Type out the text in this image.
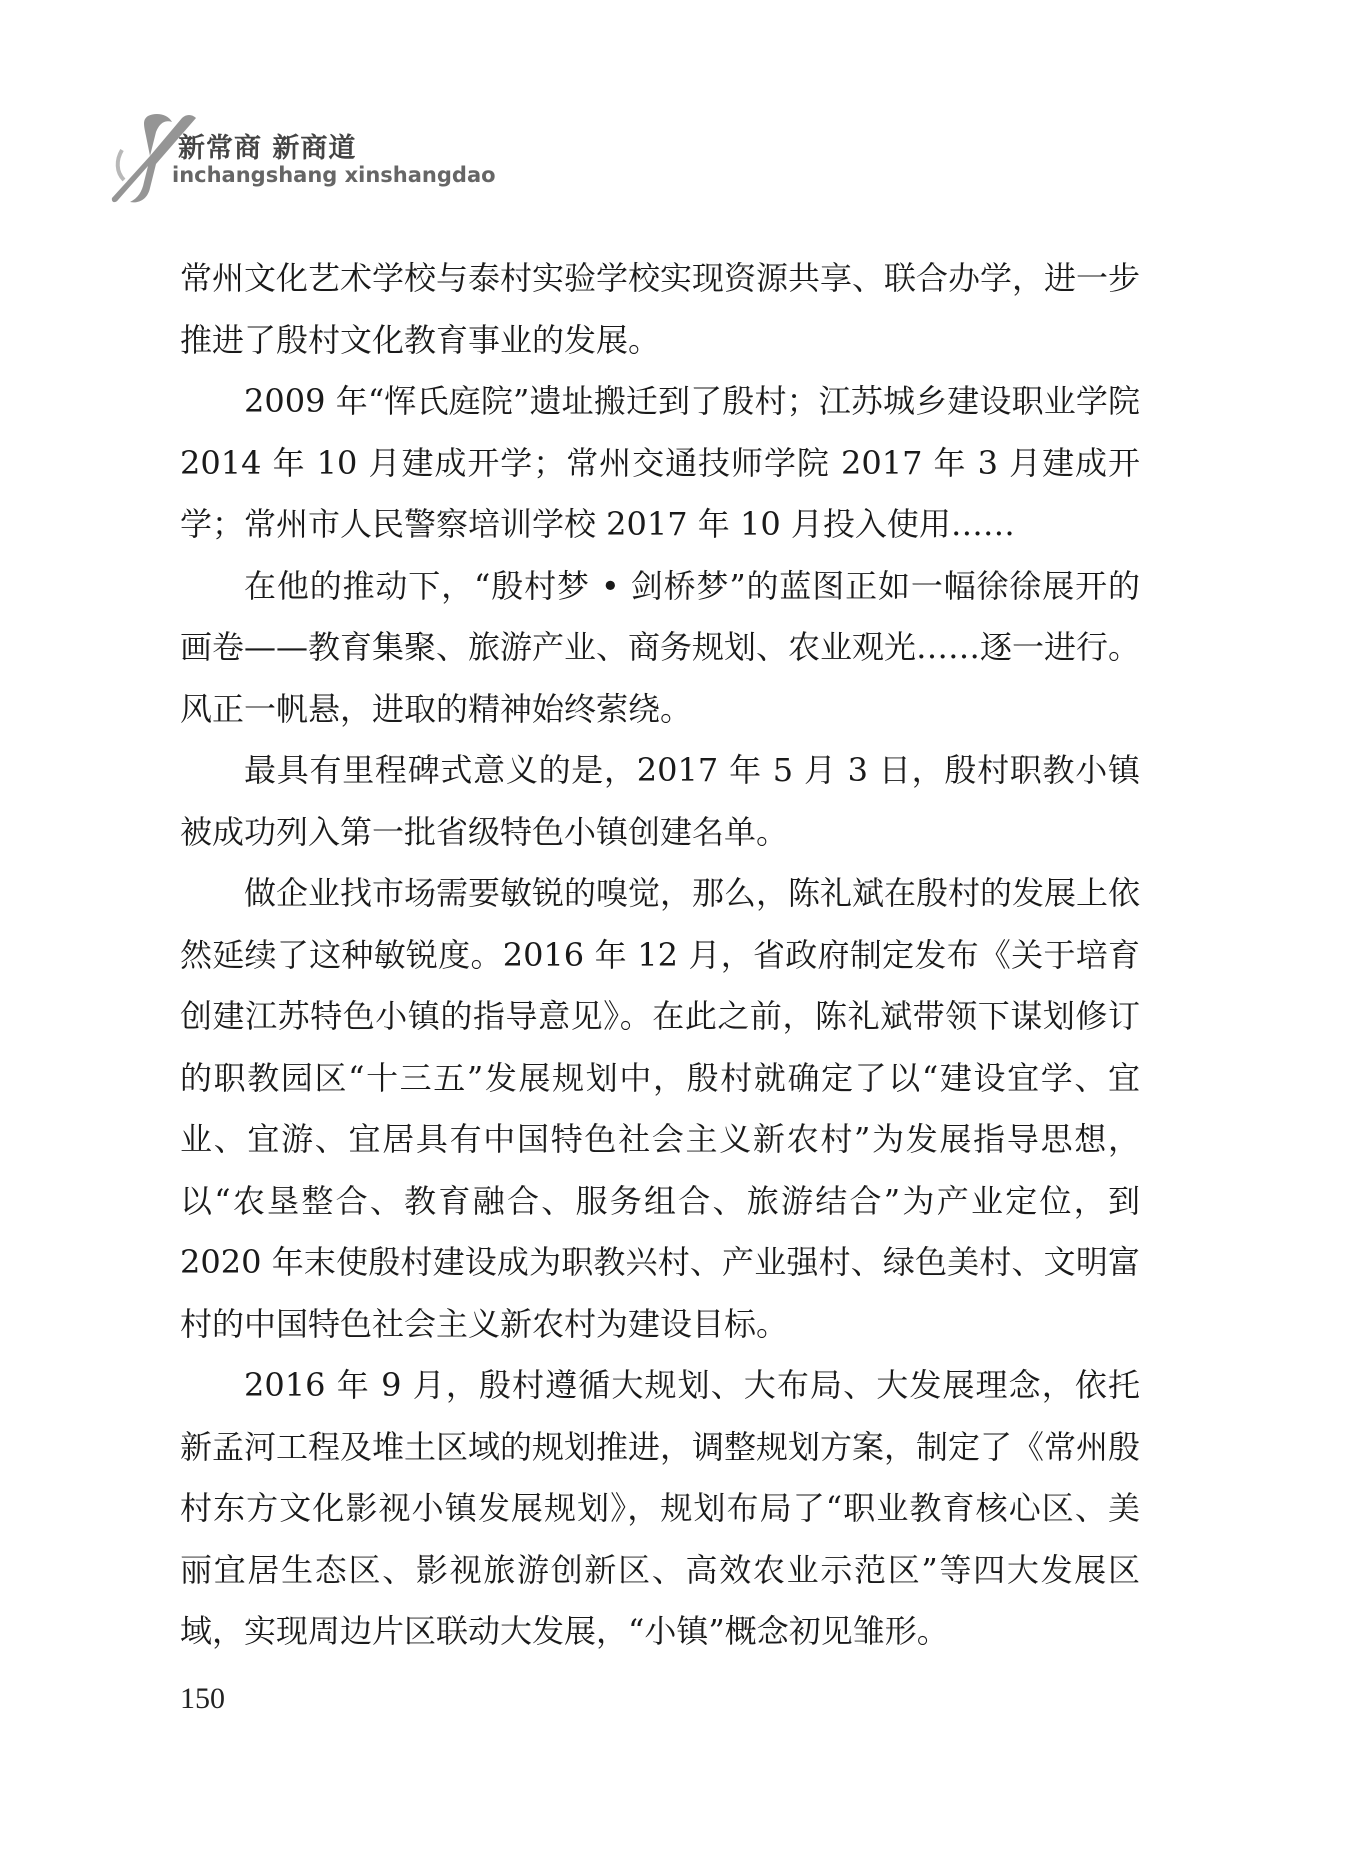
新常商 新商道
inchangshang xinshangdao

常州文化艺术学校与泰村实验学校实现资源共享、联合办学，进一步推进了殷村文化教育事业的发展。

2009 年“恽氏庭院”遗址搬迁到了殷村；江苏城乡建设职业学院 2014 年 10 月建成开学；常州交通技师学院 2017 年 3 月建成开学；常州市人民警察培训学校 2017 年 10 月投入使用……

在他的推动下，“殷村梦 • 剑桥梦”的蓝图正如一幅徐徐展开的画卷——教育集聚、旅游产业、商务规划、农业观光……逐一进行。风正一帆悬，进取的精神始终萦绕。

最具有里程碑式意义的是，2017 年 5 月 3 日，殷村职教小镇被成功列入第一批省级特色小镇创建名单。

做企业找市场需要敏锐的嗅觉，那么，陈礼斌在殷村的发展上依然延续了这种敏锐度。2016 年 12 月，省政府制定发布《关于培育创建江苏特色小镇的指导意见》。在此之前，陈礼斌带领下谋划修订的职教园区“十三五”发展规划中，殷村就确定了以“建设宜学、宜业、宜游、宜居具有中国特色社会主义新农村”为发展指导思想，以“农垦整合、教育融合、服务组合、旅游结合”为产业定位，到 2020 年末使殷村建设成为职教兴村、产业强村、绿色美村、文明富村的中国特色社会主义新农村为建设目标。

2016 年 9 月，殷村遵循大规划、大布局、大发展理念，依托新孟河工程及堆土区域的规划推进，调整规划方案，制定了《常州殷村东方文化影视小镇发展规划》，规划布局了“职业教育核心区、美丽宜居生态区、影视旅游创新区、高效农业示范区”等四大发展区域，实现周边片区联动大发展，“小镇”概念初见雏形。

150
